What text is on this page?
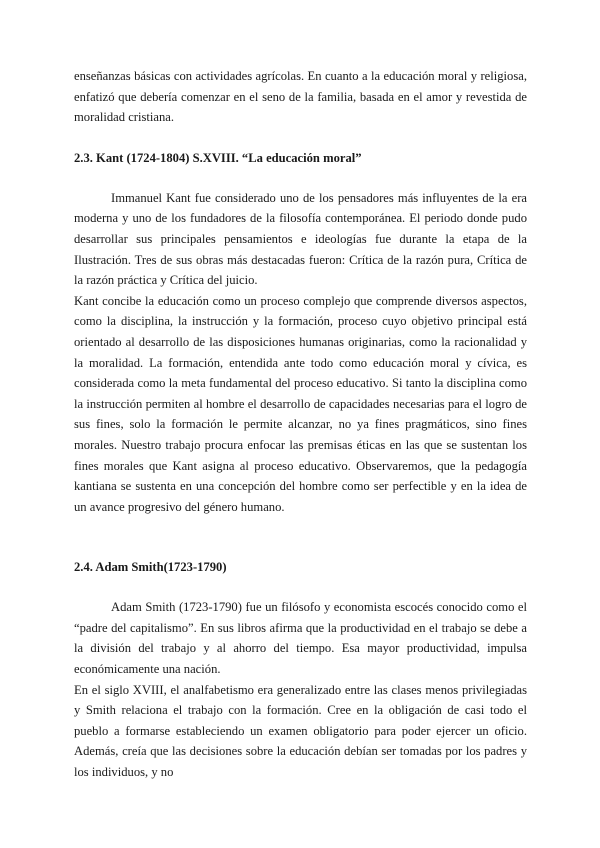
enseñanzas básicas con actividades agrícolas. En cuanto a la educación moral y religiosa, enfatizó que debería comenzar en el seno de la familia, basada en el amor y revestida de moralidad cristiana.

2.3. Kant (1724-1804) S.XVIII. “La educación moral”

Immanuel Kant fue considerado uno de los pensadores más influyentes de la era moderna y uno de los fundadores de la filosofía contemporánea. El periodo donde pudo desarrollar sus principales pensamientos e ideologías fue durante la etapa de la Ilustración. Tres de sus obras más destacadas fueron: Crítica de la razón pura, Crítica de la razón práctica y Crítica del juicio.

Kant concibe la educación como un proceso complejo que comprende diversos aspectos, como la disciplina, la instrucción y la formación, proceso cuyo objetivo principal está orientado al desarrollo de las disposiciones humanas originarias, como la racionalidad y la moralidad. La formación, entendida ante todo como educación moral y cívica, es considerada como la meta fundamental del proceso educativo. Si tanto la disciplina como la instrucción permiten al hombre el desarrollo de capacidades necesarias para el logro de sus fines, solo la formación le permite alcanzar, no ya fines pragmáticos, sino fines morales. Nuestro trabajo procura enfocar las premisas éticas en las que se sustentan los fines morales que Kant asigna al proceso educativo. Observaremos, que la pedagogía kantiana se sustenta en una concepción del hombre como ser perfectible y en la idea de un avance progresivo del género humano.

2.4. Adam Smith(1723-1790)

Adam Smith (1723-1790) fue un filósofo y economista escocés conocido como el “padre del capitalismo”. En sus libros afirma que la productividad en el trabajo se debe a la división del trabajo y al ahorro del tiempo. Esa mayor productividad, impulsa económicamente una nación.

En el siglo XVIII, el analfabetismo era generalizado entre las clases menos privilegiadas y Smith relaciona el trabajo con la formación. Cree en la obligación de casi todo el pueblo a formarse estableciendo un examen obligatorio para poder ejercer un oficio. Además, creía que las decisiones sobre la educación debían ser tomadas por los padres y los individuos, y no
